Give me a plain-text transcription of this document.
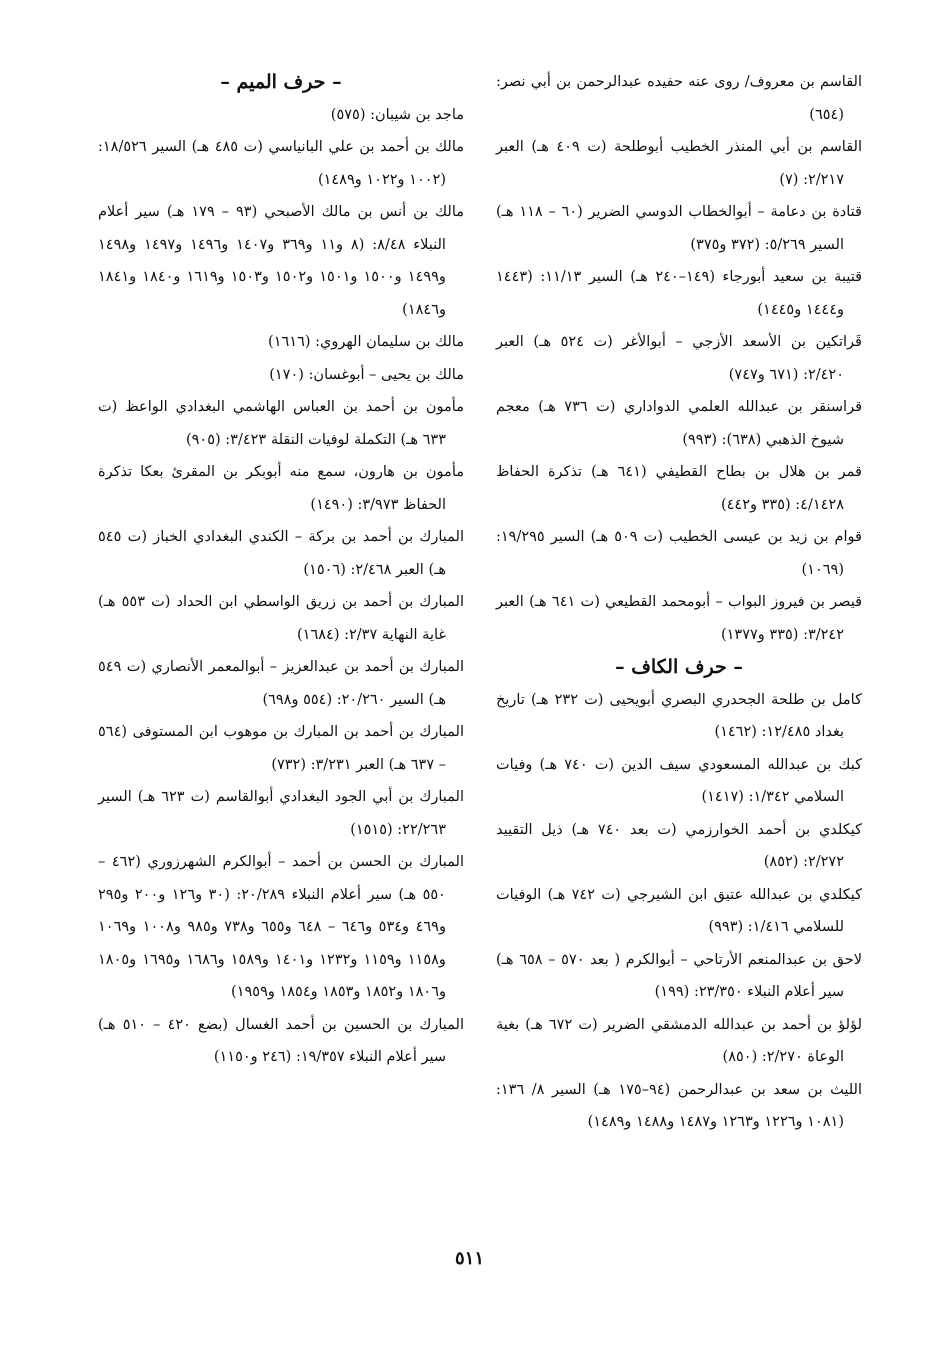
القاسم بن معروف/ روى عنه حفيده عبدالرحمن بن أبي نصر: (٦٥٤)

القاسم بن أبي المنذر الخطيب أبوطلحة (ت ٤٠٩ هـ) العبر ٢/٢١٧: (٧)

قتادة بن دعامة – أبوالخطاب الدوسي الضرير (٦٠ – ١١٨ هـ) السير ٥/٢٦٩: (٣٧٢ و٣٧٥)

قتيبة بن سعيد أبورجاء (١٤٩–٢٤٠ هـ) السير ١١/١٣: (١٤٤٣ و١٤٤٤ و١٤٤٥)

قَراتكين بن الأسعد الأزجي – أبوالأغر (ت ٥٢٤ هـ) العبر ٢/٤٢٠: (٦٧١ و٧٤٧)

قراسنقر بن عبدالله العلمي الدواداري (ت ٧٣٦ هـ) معجم شيوخ الذهبي (٦٣٨): (٩٩٣)

قمر بن هلال بن بطاح القطيفي (٦٤١ هـ) تذكرة الحفاظ ٤/١٤٢٨: (٣٣٥ و٤٤٢)

قوام بن زيد بن عيسى الخطيب (ت ٥٠٩ هـ) السير ١٩/٢٩٥: (١٠٦٩)

قيصر بن فيروز البواب – أبومحمد القطيعي (ت ٦٤١ هـ) العبر ٣/٢٤٢: (٣٣٥ و١٣٧٧)

– حرف الكاف –

كامل بن طلحة الجحدري البصري أبويحيى (ت ٢٣٢ هـ) تاريخ بغداد ١٢/٤٨٥: (١٤٦٢)

كبك بن عبدالله المسعودي سيف الدين (ت ٧٤٠ هـ) وفيات السلامي ١/٣٤٢: (١٤١٧)

كيكلدي بن أحمد الخوارزمي (ت بعد ٧٤٠ هـ) ذيل التقييد ٢/٢٧٢: (٨٥٢)

كيكلدي بن عبدالله عتيق ابن الشيرجي (ت ٧٤٢ هـ) الوفيات للسلامي ١/٤١٦: (٩٩٣)

لاحق بن عبدالمنعم الأرتاحي – أبوالكرم ( بعد ٥٧٠ – ٦٥٨ هـ) سير أعلام النبلاء ٢٣/٣٥٠: (١٩٩)

لؤلؤ بن أحمد بن عبدالله الدمشقي الضرير (ت ٦٧٢ هـ) بغية الوعاة ٢/٢٧٠: (٨٥٠)

الليث بن سعد بن عبدالرحمن (٩٤–١٧٥ هـ) السير ٨/ ١٣٦: (١٠٨١ و١٢٢٦ و١٢٦٣ و١٤٨٧ و١٤٨٨ و١٤٨٩)

– حرف الميم –

ماجد بن شيبان: (٥٧٥)

مالك بن أحمد بن علي البانياسي (ت ٤٨٥ هـ) السير ١٨/٥٢٦: (١٠٠٢ و١٠٢٢ و١٤٨٩)

مالك بن أنس بن مالك الأصبحي (٩٣ – ١٧٩ هـ) سير أعلام النبلاء ٨/٤٨: (٨ و١١ و٣٦٩ و١٤٠٧ و١٤٩٦ و١٤٩٧ و١٤٩٨ و١٤٩٩ و١٥٠٠ و١٥٠١ و١٥٠٢ و١٥٠٣ و١٦١٩ و١٨٤٠ و١٨٤١ و١٨٤٦)

مالك بن سليمان الهروي: (١٦١٦)

مالك بن يحيى – أبوغسان: (١٧٠)

مأمون بن أحمد بن العباس الهاشمي البغدادي الواعظ (ت ٦٣٣ هـ) التكملة لوفيات النقلة ٣/٤٢٣: (٩٠٥)

مأمون بن هارون، سمع منه أبوبكر بن المقرئ بعكا تذكرة الحفاظ ٣/٩٧٣: (١٤٩٠)

المبارك بن أحمد بن بركة – الكندي البغدادي الخباز (ت ٥٤٥ هـ) العبر ٢/٤٦٨: (١٥٠٦)

المبارك بن أحمد بن زريق الواسطي ابن الحداد (ت ٥٥٣ هـ) غاية النهاية ٢/٣٧: (١٦٨٤)

المبارك بن أحمد بن عبدالعزيز – أبوالمعمر الأنصاري (ت ٥٤٩ هـ) السير ٢٠/٢٦٠: (٥٥٤ و٦٩٨)

المبارك بن أحمد بن المبارك بن موهوب ابن المستوفى (٥٦٤ – ٦٣٧ هـ) العبر ٣/٢٣١: (٧٣٢)

المبارك بن أبي الجود البغدادي أبوالقاسم (ت ٦٢٣ هـ) السير ٢٢/٢٦٣: (١٥١٥)

المبارك بن الحسن بن أحمد – أبوالكرم الشهرزوري (٤٦٢ – ٥٥٠ هـ) سير أعلام النبلاء ٢٠/٢٨٩: (٣٠ و١٢٦ و٢٠٠ و٢٩٥ و٤٦٩ و٥٣٤ و٦٤٦ – ٦٤٨ و٦٥٥ و٧٣٨ و٩٨٥ و١٠٠٨ و١٠٦٩ و١١٥٨ و١١٥٩ و١٢٣٢ و١٤٠١ و١٥٨٩ و١٦٨٦ و١٦٩٥ و١٨٠٥ و١٨٠٦ و١٨٥٢ و١٨٥٣ و١٨٥٤ و١٩٥٩)

المبارك بن الحسين بن أحمد الغسال (بضع ٤٢٠ – ٥١٠ هـ) سير أعلام النبلاء ١٩/٣٥٧: (٢٤٦ و١١٥٠)

٥١١
